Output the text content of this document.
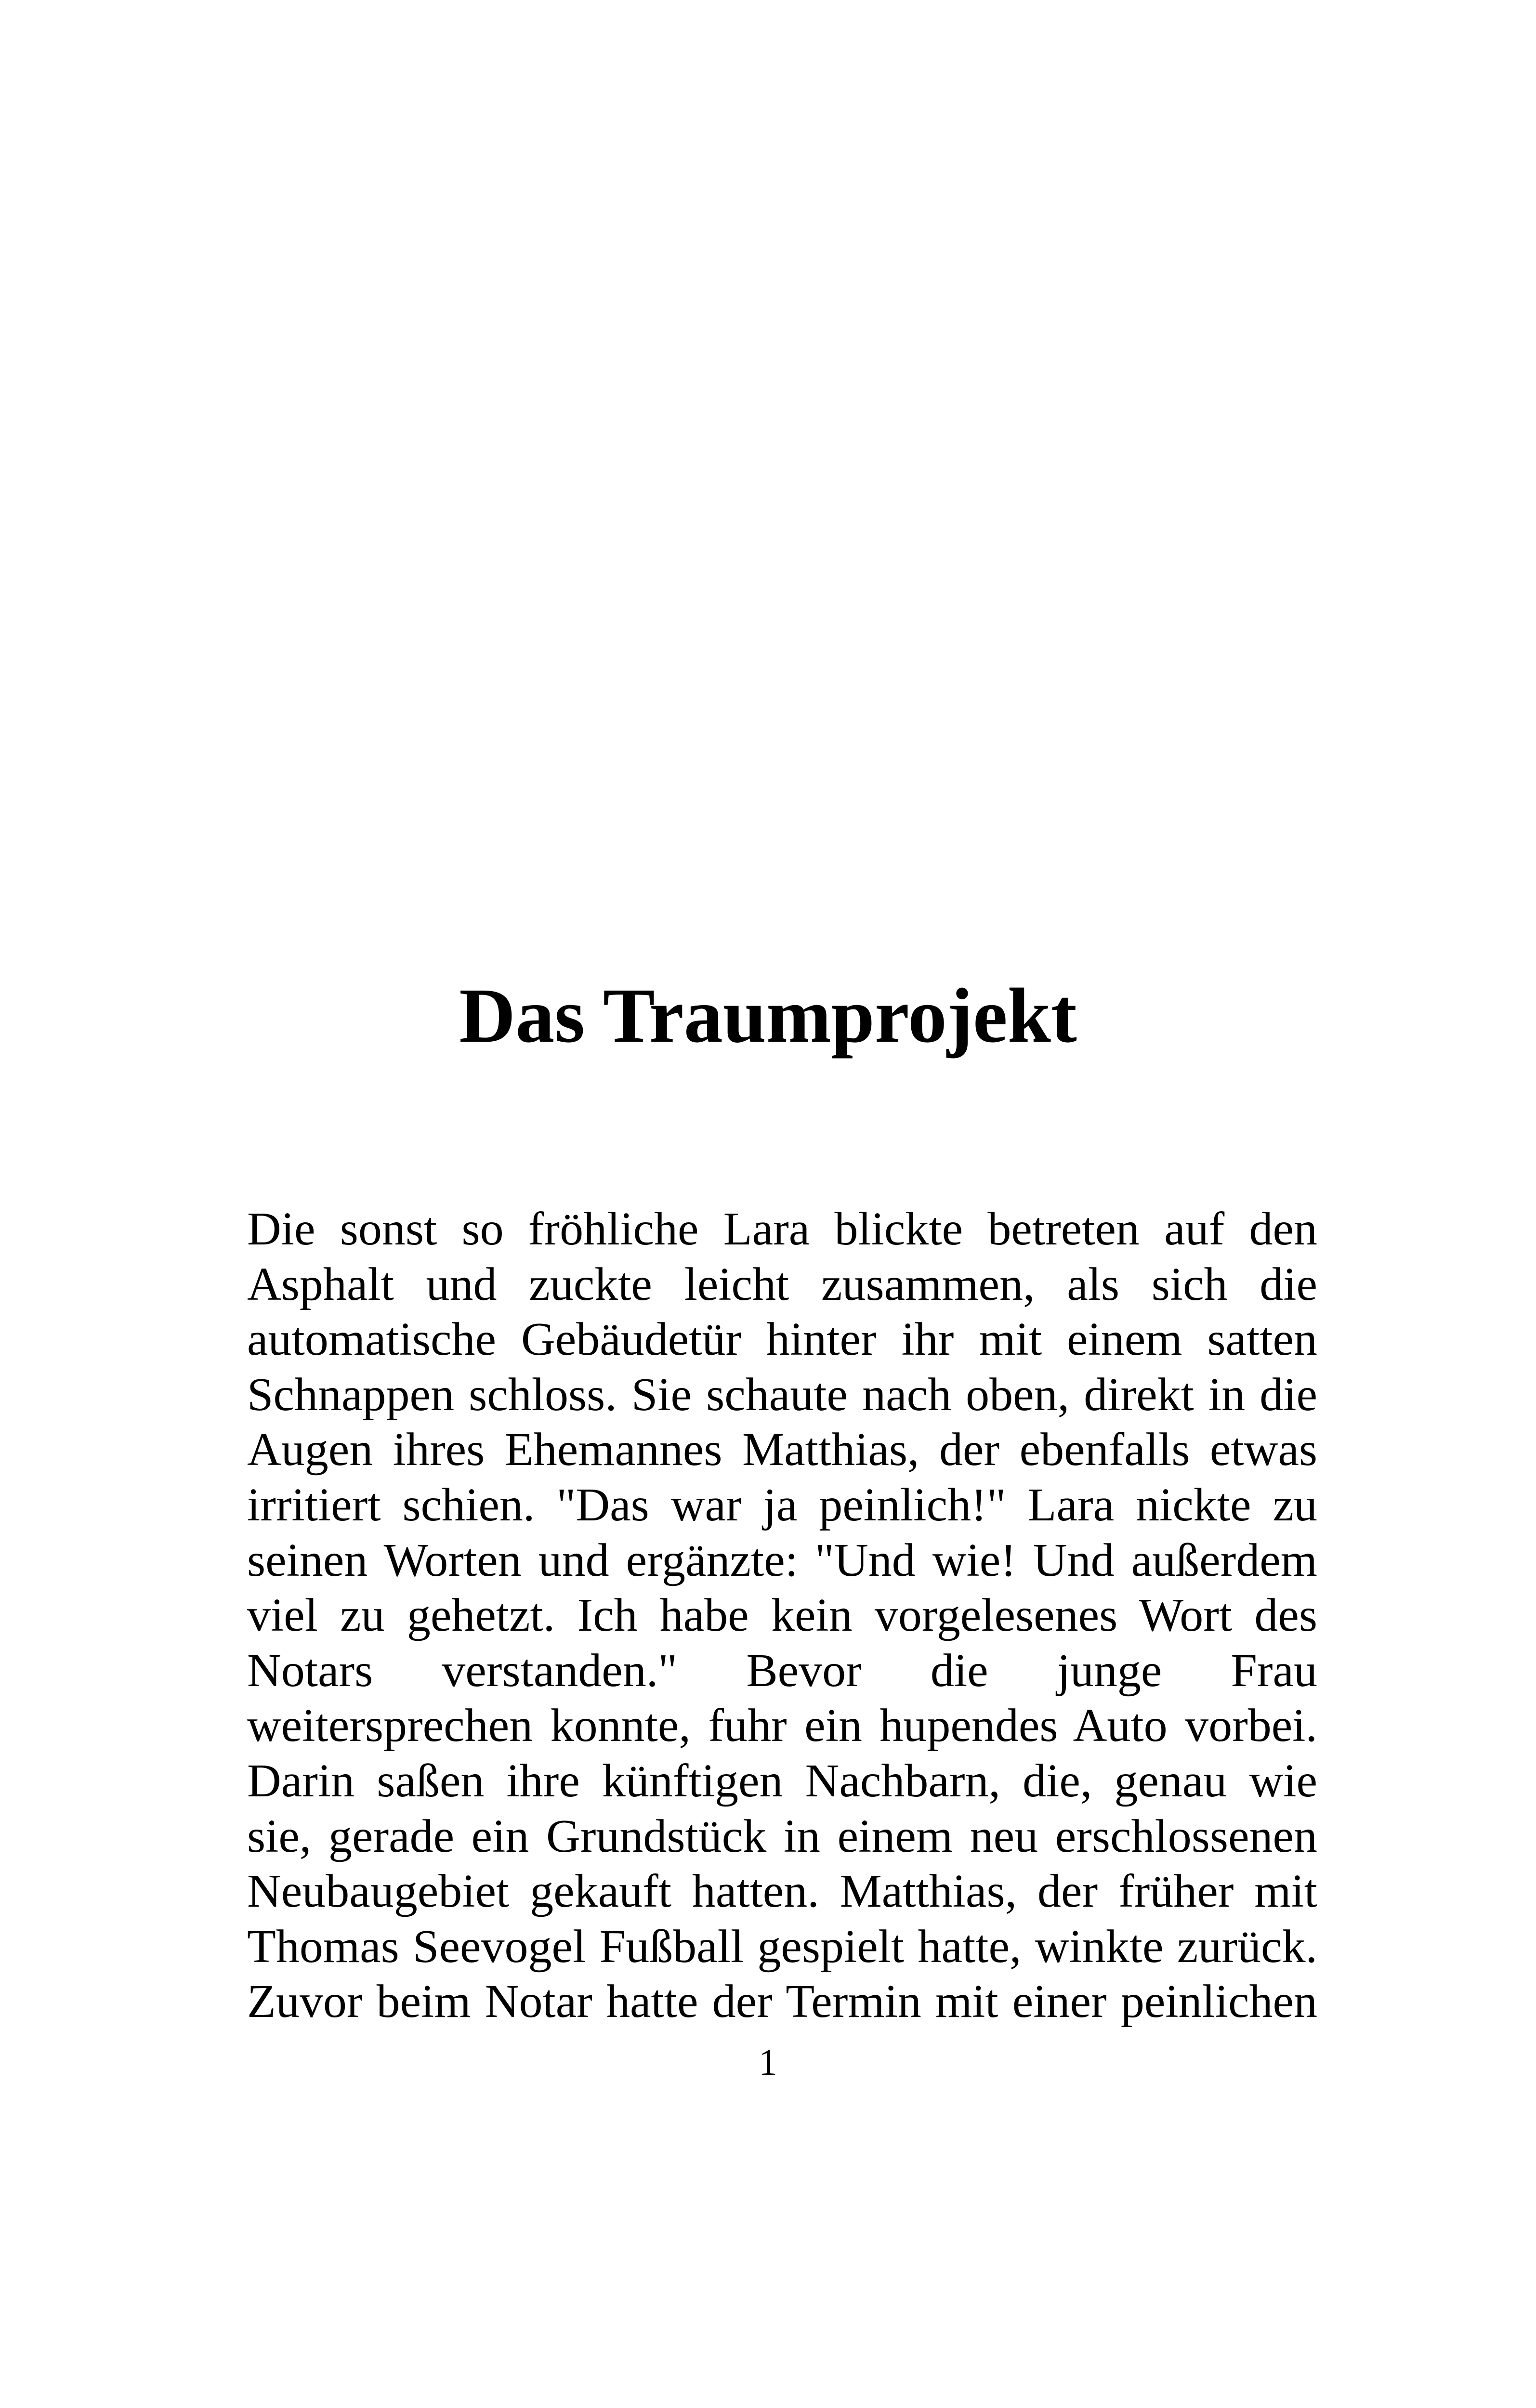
Das Traumprojekt
Die sonst so fröhliche Lara blickte betreten auf den
Asphalt und zuckte leicht zusammen, als sich die
automatische Gebäudetür hinter ihr mit einem satten
Schnappen schloss. Sie schaute nach oben, direkt in die
Augen ihres Ehemannes Matthias, der ebenfalls etwas
irritiert schien. "Das war ja peinlich!" Lara nickte zu
seinen Worten und ergänzte: "Und wie! Und außerdem
viel zu gehetzt. Ich habe kein vorgelesenes Wort des
Notars verstanden." Bevor die junge Frau
weitersprechen konnte, fuhr ein hupendes Auto vorbei.
Darin saßen ihre künftigen Nachbarn, die, genau wie
sie, gerade ein Grundstück in einem neu erschlossenen
Neubaugebiet gekauft hatten. Matthias, der früher mit
Thomas Seevogel Fußball gespielt hatte, winkte zurück.
Zuvor beim Notar hatte der Termin mit einer peinlichen
1
